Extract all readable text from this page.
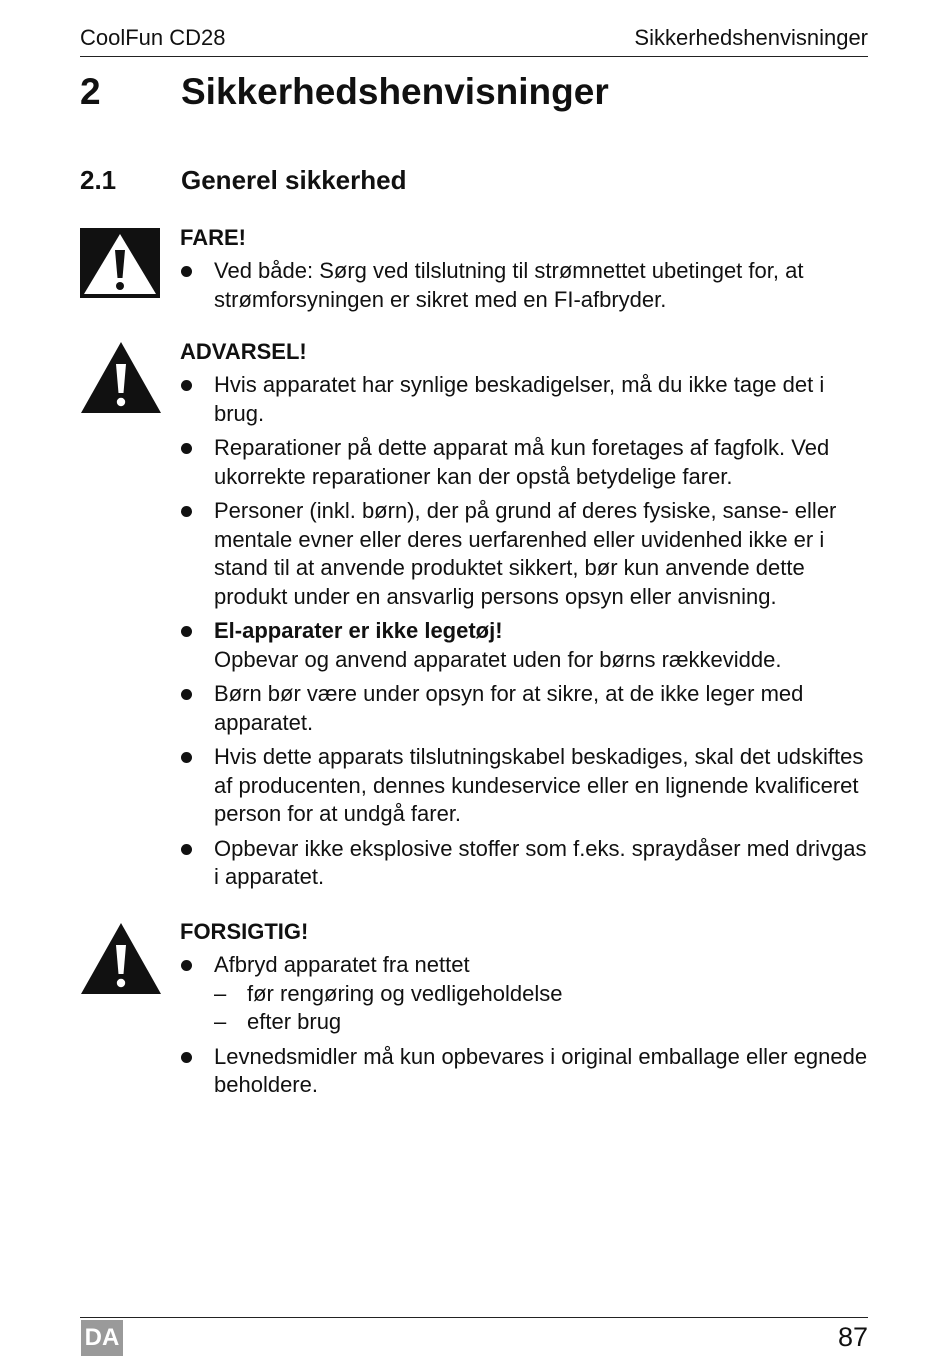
CoolFun CD28	Sikkerhedshenvisninger
2 Sikkerhedshenvisninger
2.1 Generel sikkerhed
FARE!
Ved både: Sørg ved tilslutning til strømnettet ubetinget for, at strømforsyningen er sikret med en FI-afbryder.
ADVARSEL!
Hvis apparatet har synlige beskadigelser, må du ikke tage det i brug.
Reparationer på dette apparat må kun foretages af fagfolk. Ved ukorrekte reparationer kan der opstå betydelige farer.
Personer (inkl. børn), der på grund af deres fysiske, sanse- eller mentale evner eller deres uerfarenhed eller uvidenhed ikke er i stand til at anvende produktet sikkert, bør kun anvende dette produkt under en ansvarlig persons opsyn eller anvisning.
El-apparater er ikke legetøj!
Opbevar og anvend apparatet uden for børns rækkevidde.
Børn bør være under opsyn for at sikre, at de ikke leger med apparatet.
Hvis dette apparats tilslutningskabel beskadiges, skal det udskiftes af producenten, dennes kundeservice eller en lignende kvalificeret person for at undgå farer.
Opbevar ikke eksplosive stoffer som f.eks. spraydåser med drivgas i apparatet.
FORSIGTIG!
Afbryd apparatet fra nettet
– før rengøring og vedligeholdelse
– efter brug
Levnedsmidler må kun opbevares i original emballage eller egnede beholdere.
DA	87
